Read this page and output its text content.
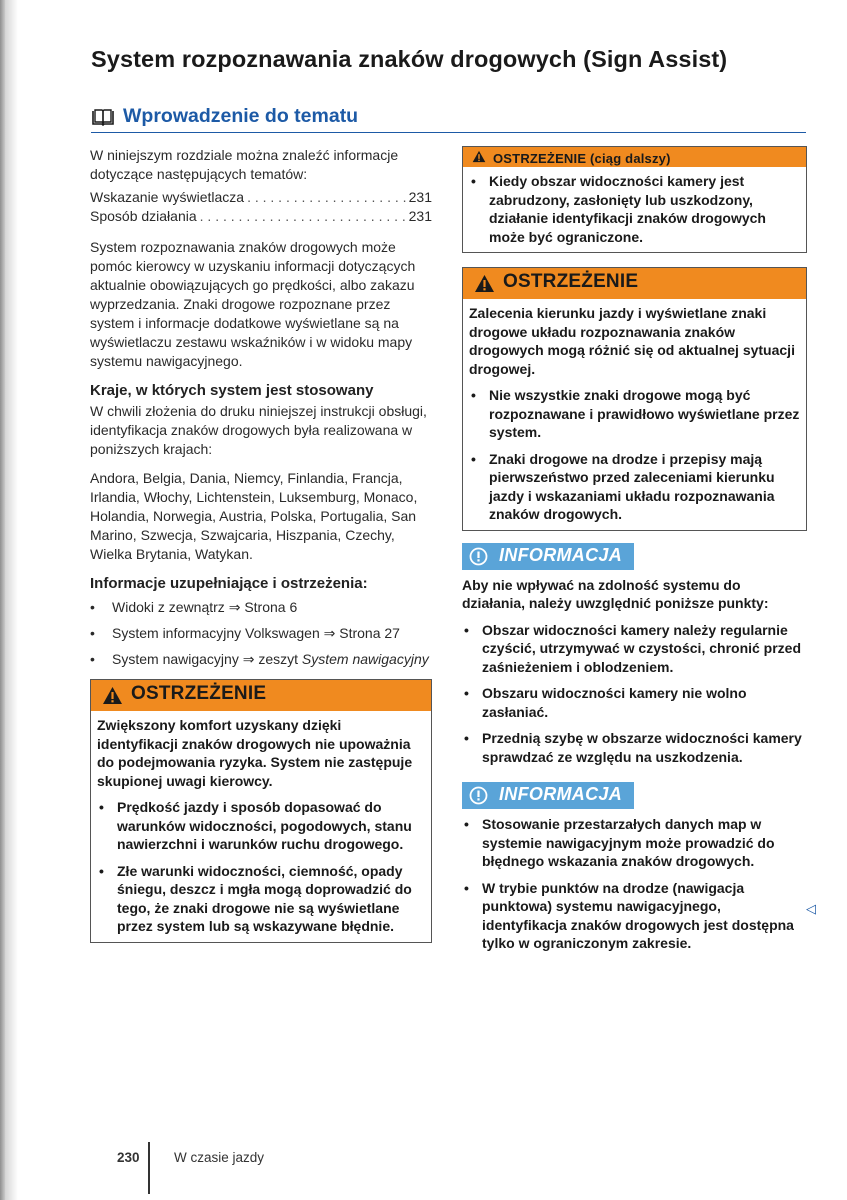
System rozpoznawania znaków drogowych (Sign Assist)
Wprowadzenie do tematu

W niniejszym rozdziale można znaleźć informacje dotyczące następujących tematów:

Wskazanie wyświetlacza . . .	231
Sposób działania . . .	231

System rozpoznawania znaków drogowych może pomóc kierowcy w uzyskaniu informacji dotyczących aktualnie obowiązujących go prędkości, albo zakazu wyprzedzania. Znaki drogowe rozpoznane przez system i informacje dodatkowe wyświetlane są na wyświetlaczu zestawu wskaźników i w widoku mapy systemu nawigacyjnego.

Kraje, w których system jest stosowany

W chwili złożenia do druku niniejszej instrukcji obsługi, identyfikacja znaków drogowych była realizowana w poniższych krajach:

Andora, Belgia, Dania, Niemcy, Finlandia, Francja, Irlandia, Włochy, Lichtenstein, Luksemburg, Monaco, Holandia, Norwegia, Austria, Polska, Portugalia, San Marino, Szwecja, Szwajcaria, Hiszpania, Czechy, Wielka Brytania, Watykan.

Informacje uzupełniające i ostrzeżenia:
• Widoki z zewnątrz ⇒ Strona 6
• System informacyjny Volkswagen ⇒ Strona 27
• System nawigacyjny ⇒ zeszyt System nawigacyjny
OSTRZEŻENIE

Zwiększony komfort uzyskany dzięki identyfikacji znaków drogowych nie upoważnia do podejmowania ryzyka. System nie zastępuje skupionej uwagi kierowcy.

• Prędkość jazdy i sposób dopasować do warunków widoczności, pogodowych, stanu nawierzchni i warunków ruchu drogowego.

• Złe warunki widoczności, ciemność, opady śniegu, deszcz i mgła mogą doprowadzić do tego, że znaki drogowe nie są wyświetlane przez system lub są wskazywane błędnie.

OSTRZEŻENIE (ciąg dalszy)

• Kiedy obszar widoczności kamery jest zabrudzony, zasłonięty lub uszkodzony, działanie identyfikacji znaków drogowych może być ograniczone.

OSTRZEŻENIE

Zalecenia kierunku jazdy i wyświetlane znaki drogowe układu rozpoznawania znaków drogowych mogą różnić się od aktualnej sytuacji drogowej.

• Nie wszystkie znaki drogowe mogą być rozpoznawane i prawidłowo wyświetlane przez system.

• Znaki drogowe na drodze i przepisy mają pierwszeństwo przed zaleceniami kierunku jazdy i wskazaniami układu rozpoznawania znaków drogowych.

INFORMACJA

Aby nie wpływać na zdolność systemu do działania, należy uwzględnić poniższe punkty:

• Obszar widoczności kamery należy regularnie czyścić, utrzymywać w czystości, chronić przed zaśnieżeniem i oblodzeniem.

• Obszaru widoczności kamery nie wolno zasłaniać.

• Przednią szybę w obszarze widoczności kamery sprawdzać ze względu na uszkodzenia.

INFORMACJA

• Stosowanie przestarzałych danych map w systemie nawigacyjnym może prowadzić do błędnego wskazania znaków drogowych.

• W trybie punktów na drodze (nawigacja punktowa) systemu nawigacyjnego, identyfikacja znaków drogowych jest dostępna tylko w ograniczonym zakresie.

◁
230	W czasie jazdy
